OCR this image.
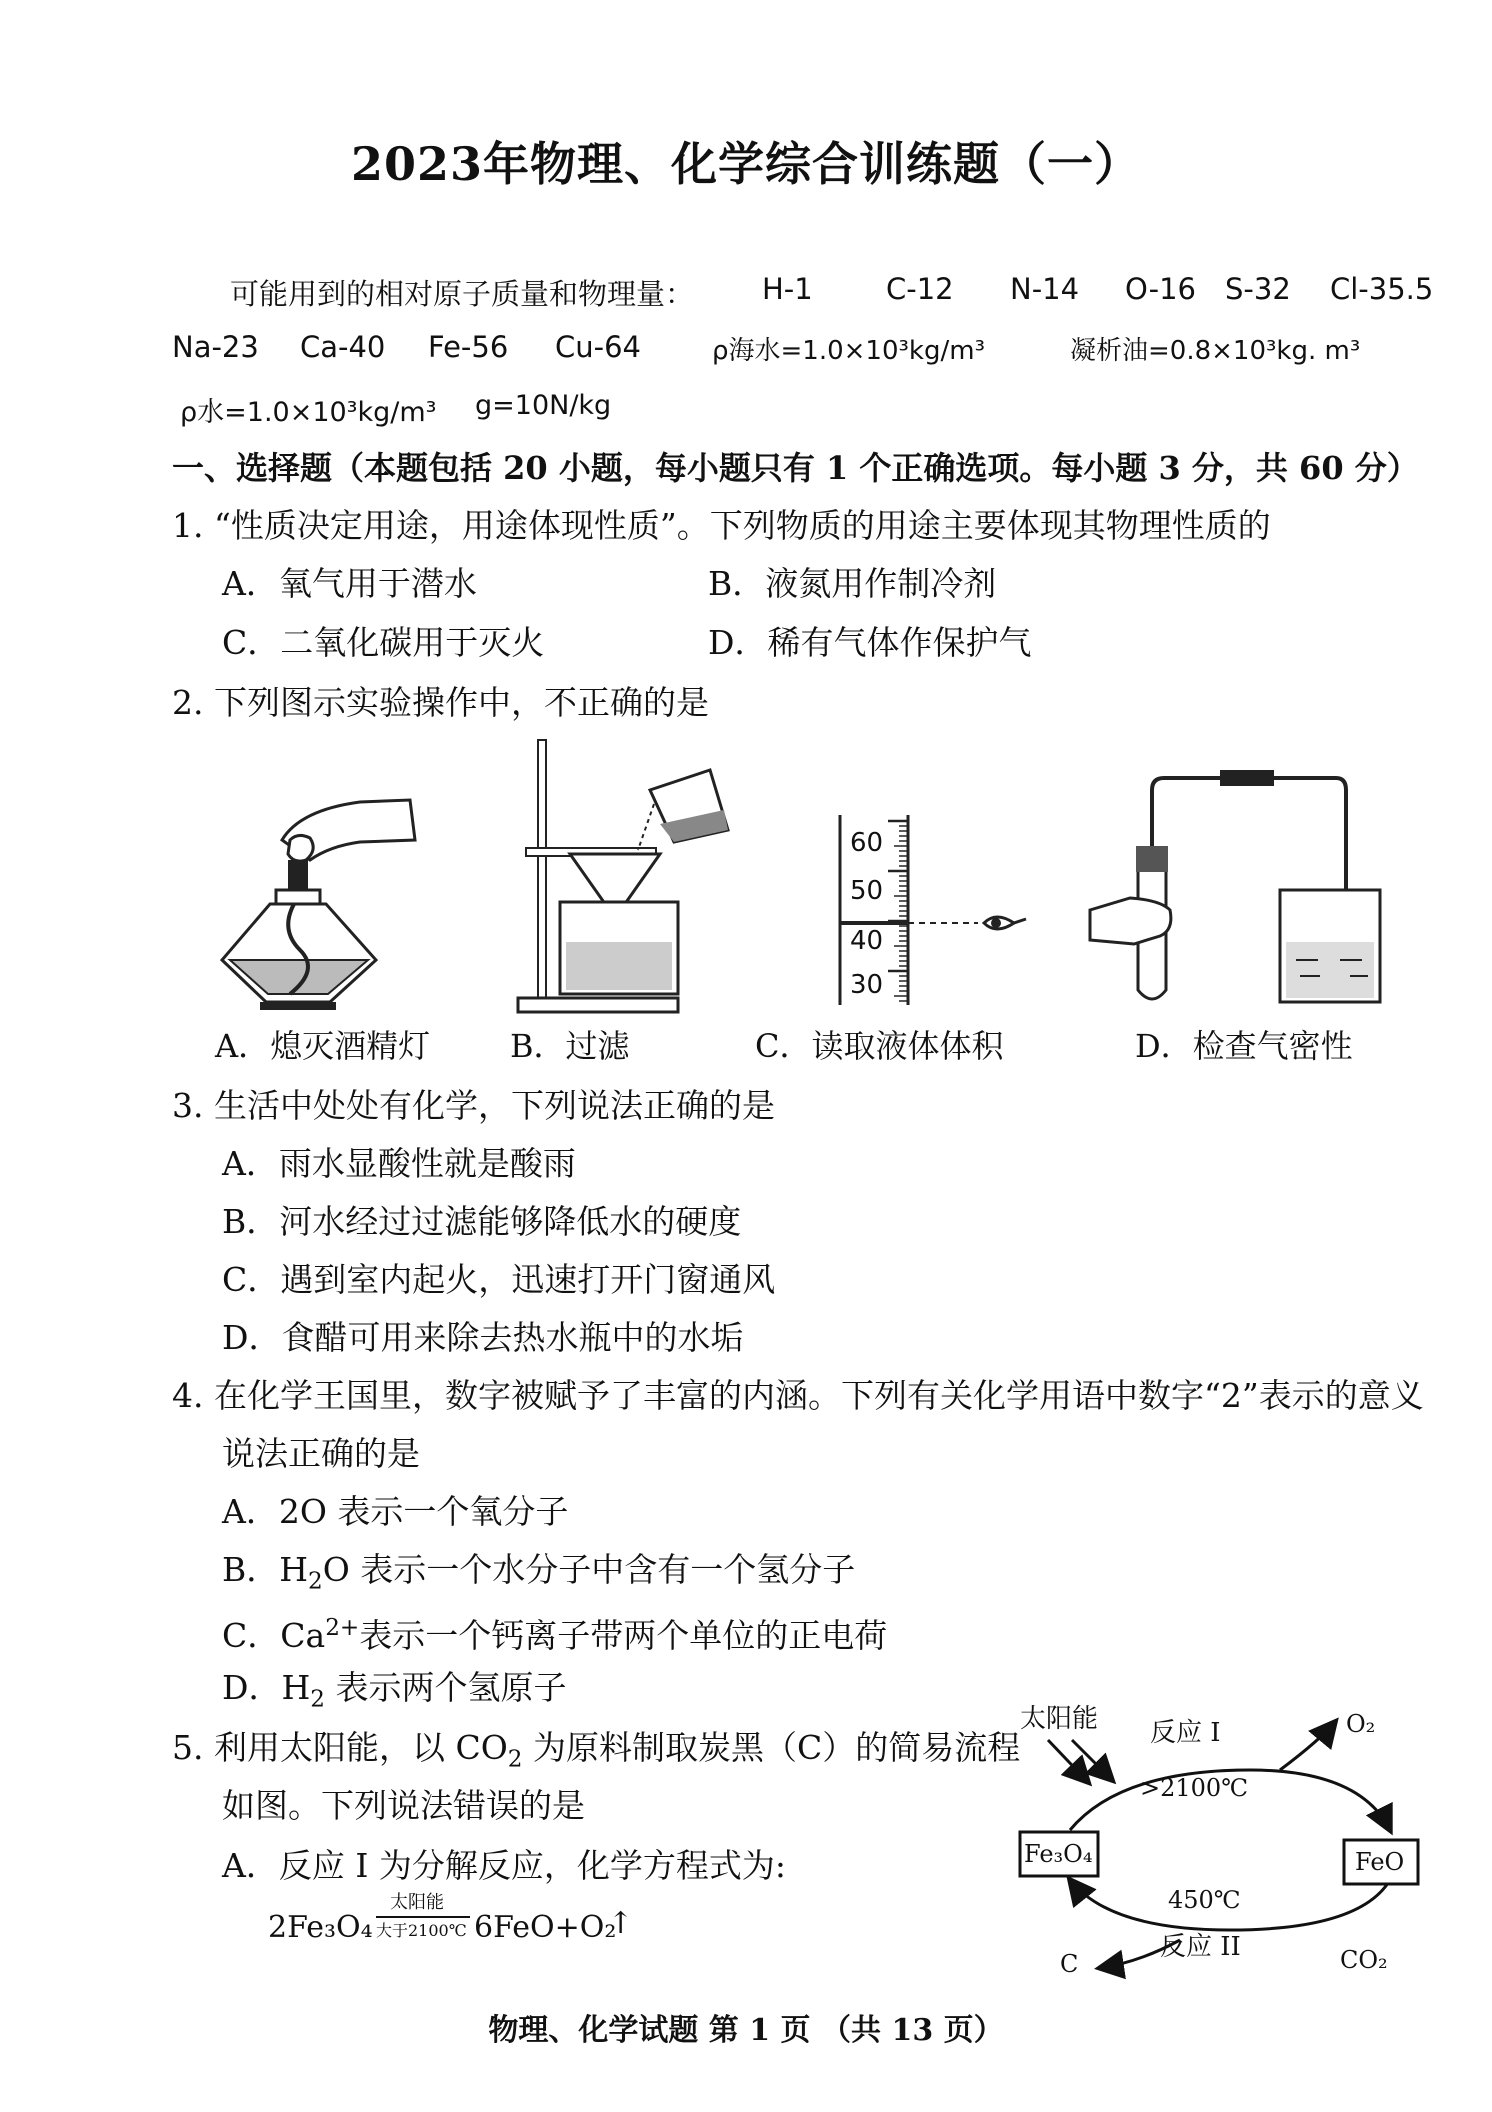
2023年物理、化学综合训练题（一）
可能用到的相对原子质量和物理量： H-1	C-12 N-14 O-16 S-32 Cl-35.5
Na-23 Ca-40 Fe-56 Cu-64	ρ海水=1.0×10³kg/m³	凝析油=0.8×10³kg. m³
ρ水=1.0×10³kg/m³ g=10N/kg
一、选择题（本题包括 20 小题，每小题只有 1 个正确选项。每小题 3 分，共 60 分）
1. “性质决定用途，用途体现性质”。下列物质的用途主要体现其物理性质的
A．氧气用于潜水	B．液氮用作制冷剂
C．二氧化碳用于灭火	D．稀有气体作保护气
2. 下列图示实验操作中，不正确的是
60
50
40
30
A．熄灭酒精灯 B．过滤	C．读取液体体积	D．检查气密性
3. 生活中处处有化学，下列说法正确的是
A．雨水显酸性就是酸雨
B．河水经过过滤能够降低水的硬度
C．遇到室内起火，迅速打开门窗通风
D．食醋可用来除去热水瓶中的水垢
4. 在化学王国里，数字被赋予了丰富的内涵。下列有关化学用语中数字“2”表示的意义
说法正确的是
A．2O 表示一个氧分子
B．$H_2O$ 表示一个水分子中含有一个氢分子
C．$Ca^{2+}$表示一个钙离子带两个单位的正电荷
D．$H_2$ 表示两个氢原子
5. 利用太阳能，以 $CO_2$ 为原料制取炭黑（C）的简易流程
如图。下列说法错误的是
A．反应 I 为分解反应，化学方程式为:
2Fe₃O₄
太阳能
大于2100℃ 6FeO+O₂
↑
太阳能 反应 I
>2100℃
O₂
Fe₃O₄	FeO
450℃
反应 II
C	CO₂
物理、化学试题 第 1 页 （共 13 页）
